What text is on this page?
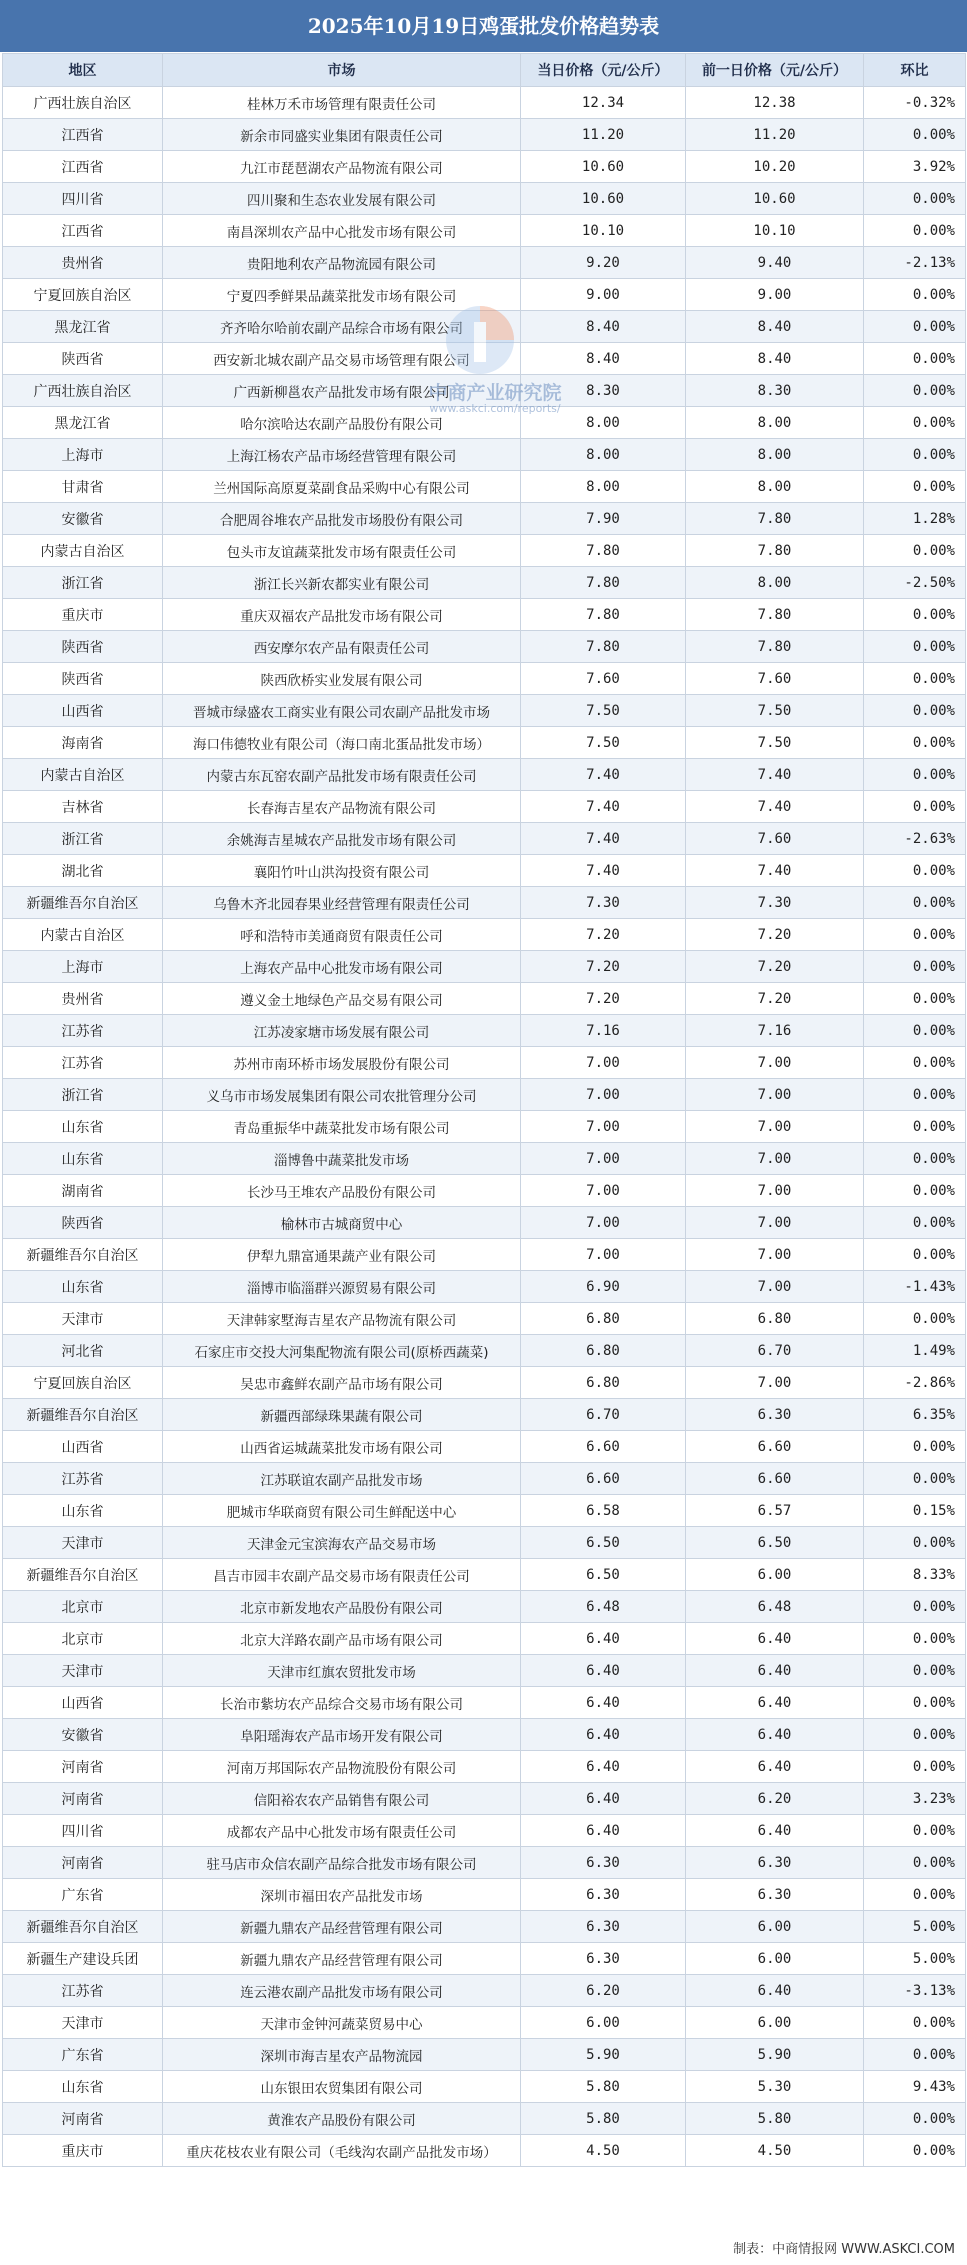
2025年10月19日鸡蛋批发价格趋势表
地区	市场	当日价格（元/公斤）	前一日价格（元/公斤）	环比
广西壮族自治区	桂林万禾市场管理有限责任公司	12.34	12.38	-0.32%
江西省	新余市同盛实业集团有限责任公司	11.20	11.20	0.00%
江西省	九江市琵琶湖农产品物流有限公司	10.60	10.20	3.92%
四川省	四川聚和生态农业发展有限公司	10.60	10.60	0.00%
江西省	南昌深圳农产品中心批发市场有限公司	10.10	10.10	0.00%
贵州省	贵阳地利农产品物流园有限公司	9.20	9.40	-2.13%
宁夏回族自治区	宁夏四季鲜果品蔬菜批发市场有限公司	9.00	9.00	0.00%
黑龙江省	齐齐哈尔哈前农副产品综合市场有限公司	8.40	8.40	0.00%
陕西省	西安新北城农副产品交易市场管理有限公司	8.40	8.40	0.00%
广西壮族自治区	广西新柳邕农产品批发市场有限公司	8.30	8.30	0.00%
黑龙江省	哈尔滨哈达农副产品股份有限公司	8.00	8.00	0.00%
上海市	上海江杨农产品市场经营管理有限公司	8.00	8.00	0.00%
甘肃省	兰州国际高原夏菜副食品采购中心有限公司	8.00	8.00	0.00%
安徽省	合肥周谷堆农产品批发市场股份有限公司	7.90	7.80	1.28%
内蒙古自治区	包头市友谊蔬菜批发市场有限责任公司	7.80	7.80	0.00%
浙江省	浙江长兴新农都实业有限公司	7.80	8.00	-2.50%
重庆市	重庆双福农产品批发市场有限公司	7.80	7.80	0.00%
陕西省	西安摩尔农产品有限责任公司	7.80	7.80	0.00%
陕西省	陕西欣桥实业发展有限公司	7.60	7.60	0.00%
山西省	晋城市绿盛农工商实业有限公司农副产品批发市场	7.50	7.50	0.00%
海南省	海口伟德牧业有限公司（海口南北蛋品批发市场）	7.50	7.50	0.00%
内蒙古自治区	内蒙古东瓦窑农副产品批发市场有限责任公司	7.40	7.40	0.00%
吉林省	长春海吉星农产品物流有限公司	7.40	7.40	0.00%
浙江省	余姚海吉星城农产品批发市场有限公司	7.40	7.60	-2.63%
湖北省	襄阳竹叶山洪沟投资有限公司	7.40	7.40	0.00%
新疆维吾尔自治区	乌鲁木齐北园春果业经营管理有限责任公司	7.30	7.30	0.00%
内蒙古自治区	呼和浩特市美通商贸有限责任公司	7.20	7.20	0.00%
上海市	上海农产品中心批发市场有限公司	7.20	7.20	0.00%
贵州省	遵义金土地绿色产品交易有限公司	7.20	7.20	0.00%
江苏省	江苏凌家塘市场发展有限公司	7.16	7.16	0.00%
江苏省	苏州市南环桥市场发展股份有限公司	7.00	7.00	0.00%
浙江省	义乌市市场发展集团有限公司农批管理分公司	7.00	7.00	0.00%
山东省	青岛重振华中蔬菜批发市场有限公司	7.00	7.00	0.00%
山东省	淄博鲁中蔬菜批发市场	7.00	7.00	0.00%
湖南省	长沙马王堆农产品股份有限公司	7.00	7.00	0.00%
陕西省	榆林市古城商贸中心	7.00	7.00	0.00%
新疆维吾尔自治区	伊犁九鼎富通果蔬产业有限公司	7.00	7.00	0.00%
山东省	淄博市临淄群兴源贸易有限公司	6.90	7.00	-1.43%
天津市	天津韩家墅海吉星农产品物流有限公司	6.80	6.80	0.00%
河北省	石家庄市交投大河集配物流有限公司(原桥西蔬菜)	6.80	6.70	1.49%
宁夏回族自治区	吴忠市鑫鲜农副产品市场有限公司	6.80	7.00	-2.86%
新疆维吾尔自治区	新疆西部绿珠果蔬有限公司	6.70	6.30	6.35%
山西省	山西省运城蔬菜批发市场有限公司	6.60	6.60	0.00%
江苏省	江苏联谊农副产品批发市场	6.60	6.60	0.00%
山东省	肥城市华联商贸有限公司生鲜配送中心	6.58	6.57	0.15%
天津市	天津金元宝滨海农产品交易市场	6.50	6.50	0.00%
新疆维吾尔自治区	昌吉市园丰农副产品交易市场有限责任公司	6.50	6.00	8.33%
北京市	北京市新发地农产品股份有限公司	6.48	6.48	0.00%
北京市	北京大洋路农副产品市场有限公司	6.40	6.40	0.00%
天津市	天津市红旗农贸批发市场	6.40	6.40	0.00%
山西省	长治市紫坊农产品综合交易市场有限公司	6.40	6.40	0.00%
安徽省	阜阳瑶海农产品市场开发有限公司	6.40	6.40	0.00%
河南省	河南万邦国际农产品物流股份有限公司	6.40	6.40	0.00%
河南省	信阳裕农农产品销售有限公司	6.40	6.20	3.23%
四川省	成都农产品中心批发市场有限责任公司	6.40	6.40	0.00%
河南省	驻马店市众信农副产品综合批发市场有限公司	6.30	6.30	0.00%
广东省	深圳市福田农产品批发市场	6.30	6.30	0.00%
新疆维吾尔自治区	新疆九鼎农产品经营管理有限公司	6.30	6.00	5.00%
新疆生产建设兵团	新疆九鼎农产品经营管理有限公司	6.30	6.00	5.00%
江苏省	连云港农副产品批发市场有限公司	6.20	6.40	-3.13%
天津市	天津市金钟河蔬菜贸易中心	6.00	6.00	0.00%
广东省	深圳市海吉星农产品物流园	5.90	5.90	0.00%
山东省	山东银田农贸集团有限公司	5.80	5.30	9.43%
河南省	黄淮农产品股份有限公司	5.80	5.80	0.00%
重庆市	重庆花枝农业有限公司（毛线沟农副产品批发市场）	4.50	4.50	0.00%
中商产业研究院
www.askci.com/reports/
制表：中商情报网 WWW.ASKCI.COM
